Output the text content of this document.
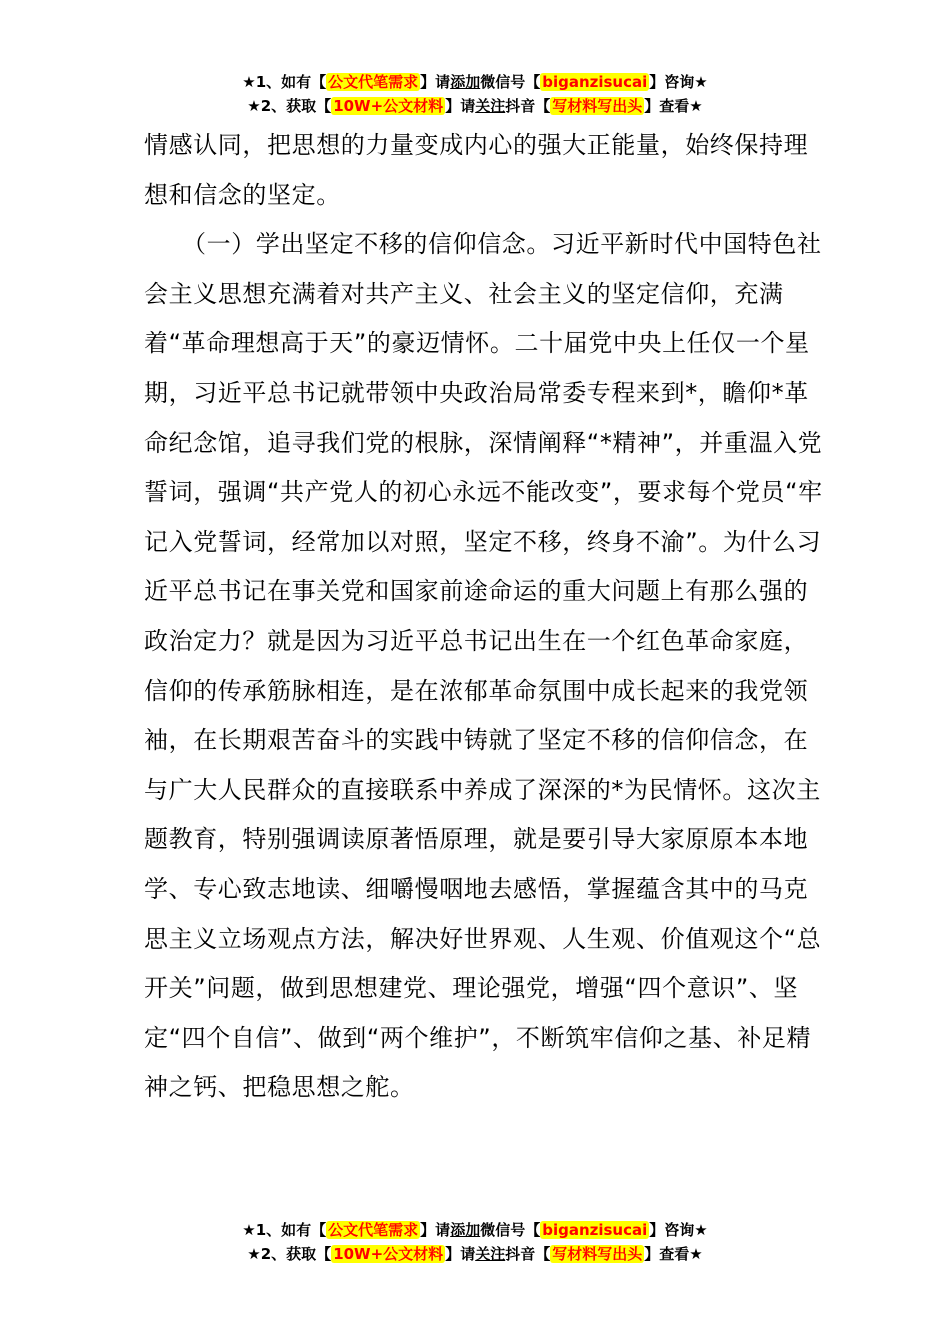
★1、如有【 公文代笔需求 】请添加微信号【 biganzisucai 】咨询★
★2、获取【 10W+公文材料 】请关注抖音【 写材料写出头 】查看★

情感认同，把思想的力量变成内心的强大正能量，始终保持理想和信念的坚定。

（一）学出坚定不移的信仰信念。习近平新时代中国特色社会主义思想充满着对共产主义、社会主义的坚定信仰，充满着“革命理想高于天”的豪迈情怀。二十届党中央上任仅一个星期，习近平总书记就带领中央政治局常委专程来到*，瞻仰*革命纪念馆，追寻我们党的根脉，深情阐释“*精神”，并重温入党誓词，强调“共产党人的初心永远不能改变”，要求每个党员“牢记入党誓词，经常加以对照，坚定不移，终身不渝”。为什么习近平总书记在事关党和国家前途命运的重大问题上有那么强的政治定力？就是因为习近平总书记出生在一个红色革命家庭，信仰的传承筋脉相连，是在浓郁革命氛围中成长起来的我党领袖，在长期艰苦奋斗的实践中铸就了坚定不移的信仰信念，在与广大人民群众的直接联系中养成了深深的*为民情怀。这次主题教育，特别强调读原著悟原理，就是要引导大家原原本本地学、专心致志地读、细嚼慢咽地去感悟，掌握蕴含其中的马克思主义立场观点方法，解决好世界观、人生观、价值观这个“总开关”问题，做到思想建党、理论强党，增强“四个意识”、坚定“四个自信”、做到“两个维护”，不断筑牢信仰之基、补足精神之钙、把稳思想之舵。

★1、如有【 公文代笔需求 】请添加微信号【 biganzisucai 】咨询★
★2、获取【 10W+公文材料 】请关注抖音【 写材料写出头 】查看★
